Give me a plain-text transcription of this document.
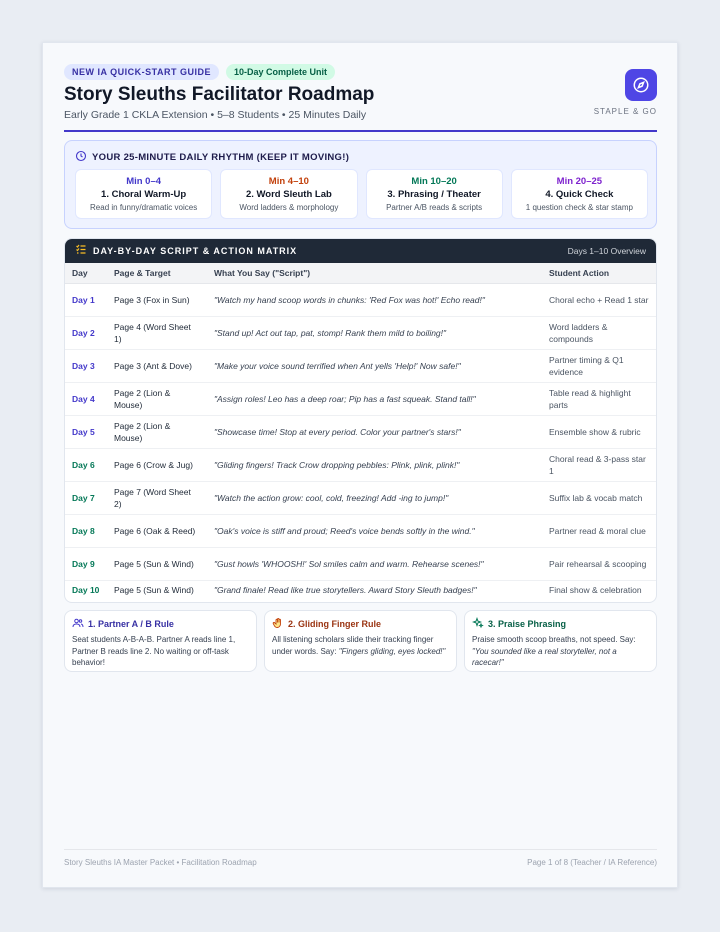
NEW IA QUICK-START GUIDE	10-Day Complete Unit
Story Sleuths Facilitator Roadmap
Early Grade 1 CKLA Extension • 5–8 Students • 25 Minutes Daily	STAPLE & GO
YOUR 25-MINUTE DAILY RHYTHM (KEEP IT MOVING!)
Min 0–4
1. Choral Warm-Up
Read in funny/dramatic voices
Min 4–10
2. Word Sleuth Lab
Word ladders & morphology
Min 10–20
3. Phrasing / Theater
Partner A/B reads & scripts
Min 20–25
4. Quick Check
1 question check & star stamp
DAY-BY-DAY SCRIPT & ACTION MATRIX	Days 1–10 Overview
Day	Page & Target	What You Say ("Script")	Student Action
Day 1	Page 3 (Fox in Sun)	"Watch my hand scoop words in chunks: 'Red Fox was hot!' Echo read!"	Choral echo + Read 1 star
Day 2	Page 4 (Word Sheet 1)	"Stand up! Act out tap, pat, stomp! Rank them mild to boiling!"	Word ladders & compounds
Day 3	Page 3 (Ant & Dove)	"Make your voice sound terrified when Ant yells 'Help!' Now safe!"	Partner timing & Q1 evidence
Day 4	Page 2 (Lion & Mouse)	"Assign roles! Leo has a deep roar; Pip has a fast squeak. Stand tall!"	Table read & highlight parts
Day 5	Page 2 (Lion & Mouse)	"Showcase time! Stop at every period. Color your partner's stars!"	Ensemble show & rubric
Day 6	Page 6 (Crow & Jug)	"Gliding fingers! Track Crow dropping pebbles: Plink, plink, plink!"	Choral read & 3-pass star 1
Day 7	Page 7 (Word Sheet 2)	"Watch the action grow: cool, cold, freezing! Add -ing to jump!"	Suffix lab & vocab match
Day 8	Page 6 (Oak & Reed)	"Oak's voice is stiff and proud; Reed's voice bends softly in the wind."	Partner read & moral clue
Day 9	Page 5 (Sun & Wind)	"Gust howls 'WHOOSH!' Sol smiles calm and warm. Rehearse scenes!"	Pair rehearsal & scooping
Day 10	Page 5 (Sun & Wind)	"Grand finale! Read like true storytellers. Award Story Sleuth badges!"	Final show & celebration
1. Partner A / B Rule
Seat students A-B-A-B. Partner A reads line 1, Partner B reads line 2. No waiting or off-task behavior!
2. Gliding Finger Rule
All listening scholars slide their tracking finger under words. Say: "Fingers gliding, eyes locked!"
3. Praise Phrasing
Praise smooth scoop breaths, not speed. Say: "You sounded like a real storyteller, not a racecar!"
Story Sleuths IA Master Packet • Facilitation Roadmap	Page 1 of 8 (Teacher / IA Reference)
